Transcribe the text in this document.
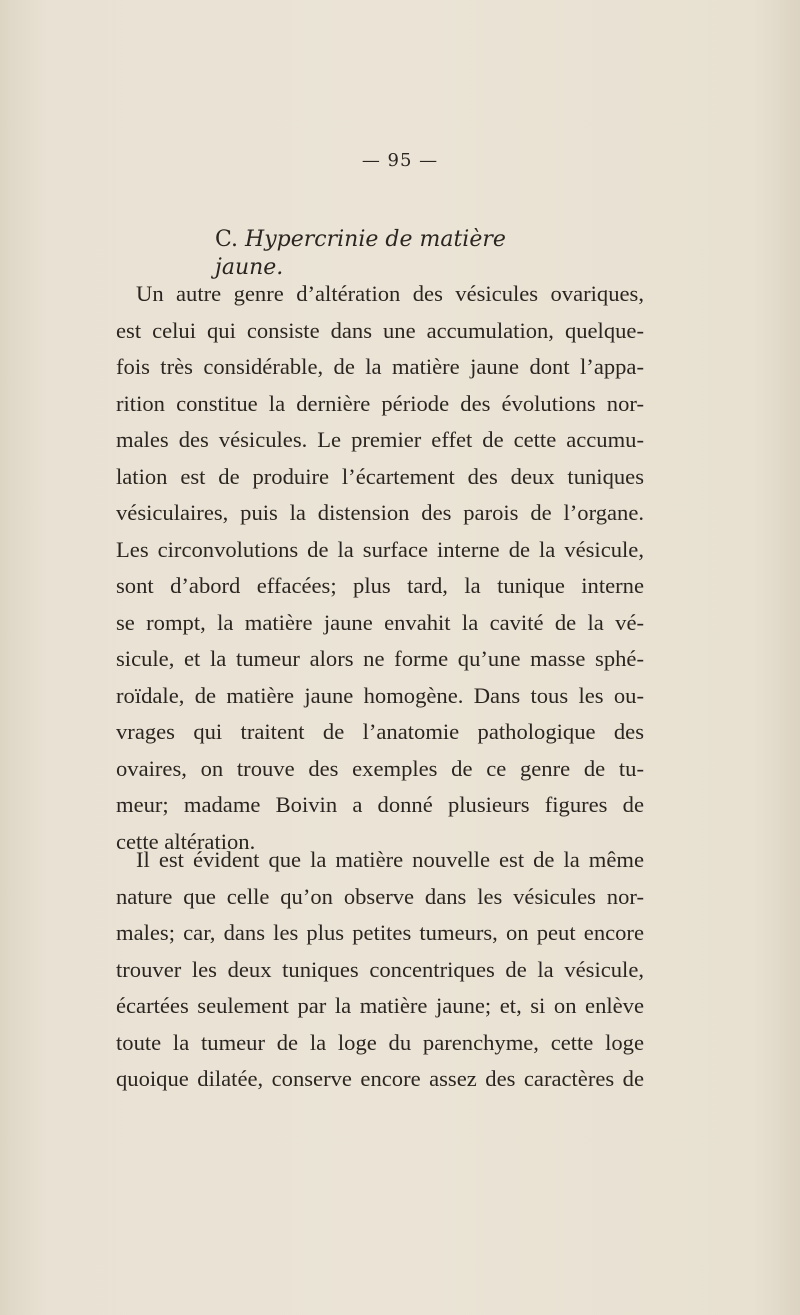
— 95 —
C. Hypercrinie de matière jaune.
Un autre genre d’altération des vésicules ovariques,
est celui qui consiste dans une accumulation, quelque-
fois très considérable, de la matière jaune dont l’appa-
rition constitue la dernière période des évolutions nor-
males des vésicules. Le premier effet de cette accumu-
lation est de produire l’écartement des deux tuniques
vésiculaires, puis la distension des parois de l’organe.
Les circonvolutions de la surface interne de la vésicule,
sont d’abord effacées; plus tard, la tunique interne
se rompt, la matière jaune envahit la cavité de la vé-
sicule, et la tumeur alors ne forme qu’une masse sphé-
roïdale, de matière jaune homogène. Dans tous les ou-
vrages qui traitent de l’anatomie pathologique des
ovaires, on trouve des exemples de ce genre de tu-
meur; madame Boivin a donné plusieurs figures de
cette altération.
Il est évident que la matière nouvelle est de la même
nature que celle qu’on observe dans les vésicules nor-
males; car, dans les plus petites tumeurs, on peut encore
trouver les deux tuniques concentriques de la vésicule,
écartées seulement par la matière jaune; et, si on enlève
toute la tumeur de la loge du parenchyme, cette loge
quoique dilatée, conserve encore assez des caractères de
